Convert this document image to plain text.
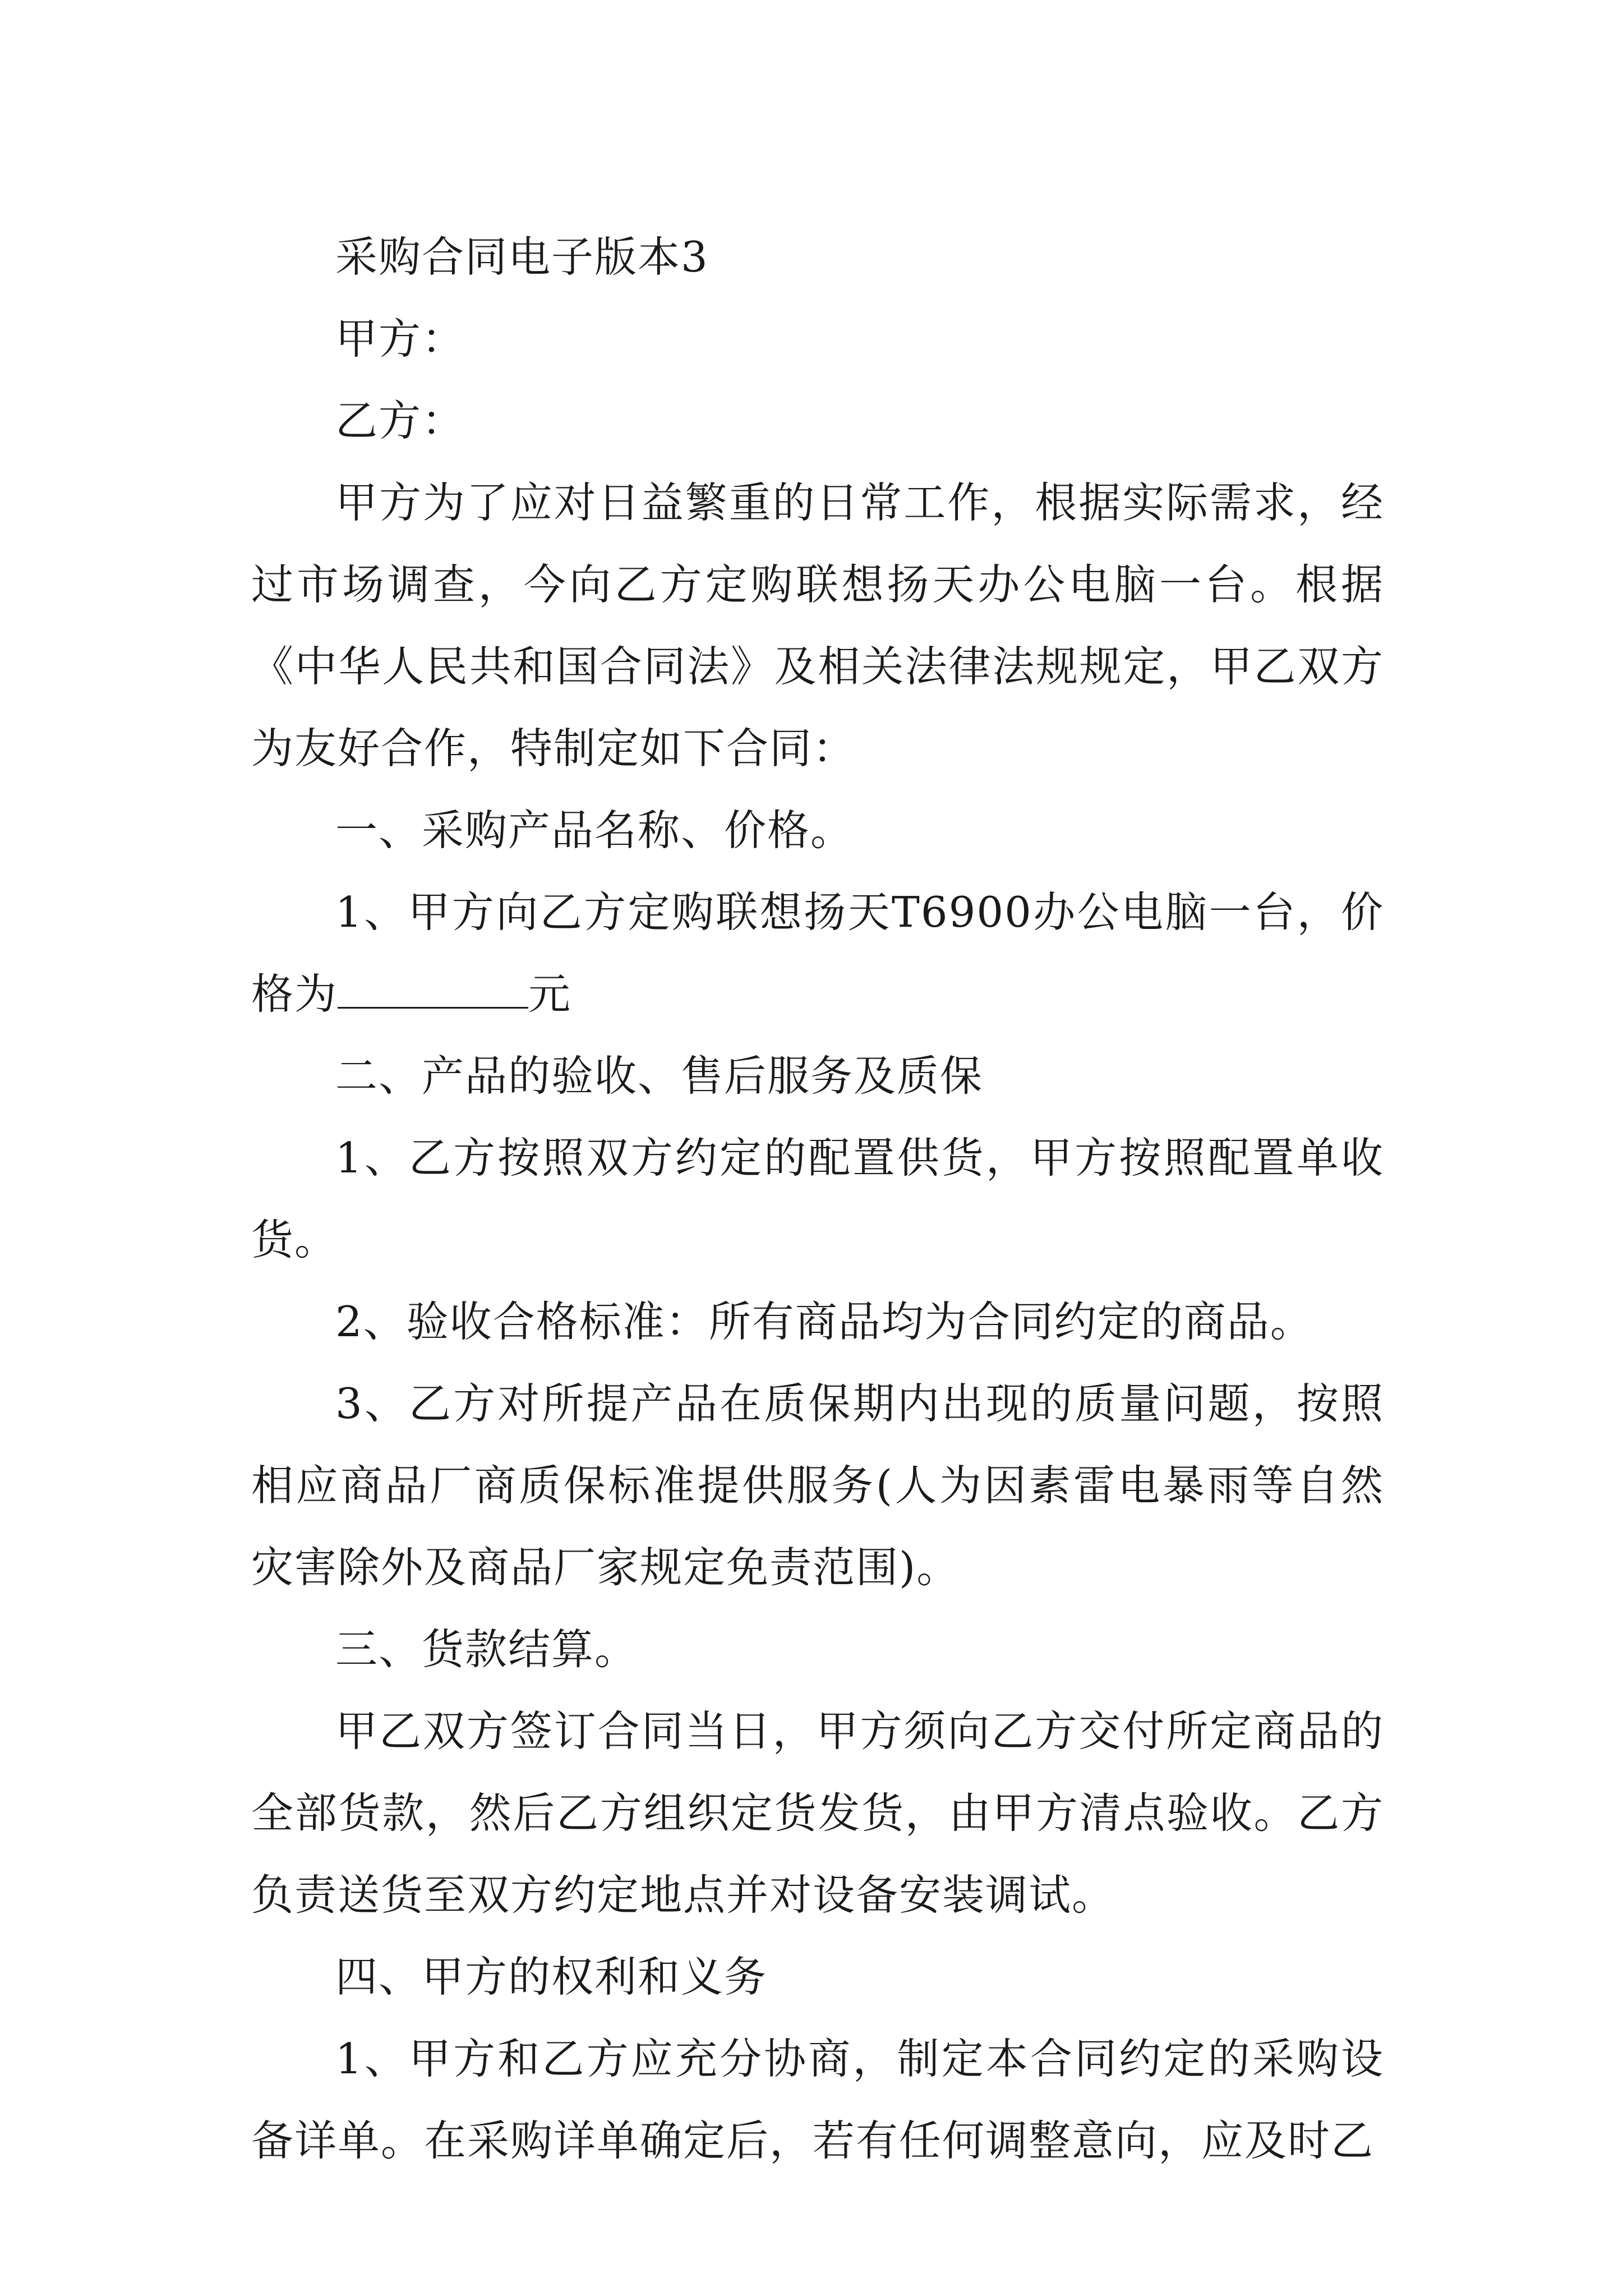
采购合同电子版本3

甲方：

乙方：

甲方为了应对日益繁重的日常工作，根据实际需求，经过市场调查，今向乙方定购联想扬天办公电脑一台。根据《中华人民共和国合同法》及相关法律法规规定，甲乙双方为友好合作，特制定如下合同：

一、采购产品名称、价格。

1、甲方向乙方定购联想扬天T6900办公电脑一台，价格为	元

二、产品的验收、售后服务及质保

1、乙方按照双方约定的配置供货，甲方按照配置单收货。

2、验收合格标准：所有商品均为合同约定的商品。

3、乙方对所提产品在质保期内出现的质量问题，按照相应商品厂商质保标准提供服务(人为因素雷电暴雨等自然灾害除外及商品厂家规定免责范围)。

三、货款结算。

甲乙双方签订合同当日，甲方须向乙方交付所定商品的全部货款，然后乙方组织定货发货，由甲方清点验收。乙方负责送货至双方约定地点并对设备安装调试。

四、甲方的权利和义务

1、甲方和乙方应充分协商，制定本合同约定的采购设备详单。在采购详单确定后，若有任何调整意向，应及时乙
